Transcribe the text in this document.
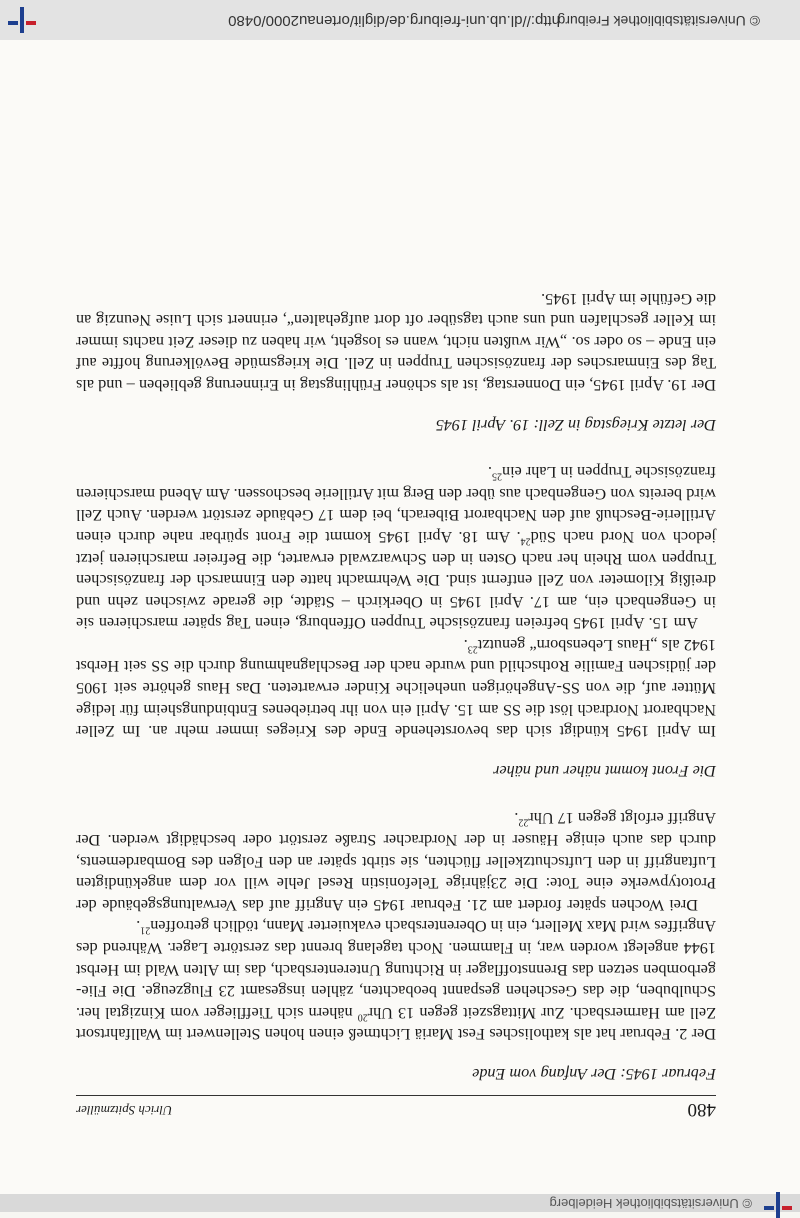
© Universitätsbibliothek Heidelberg
480
Ulrich Spitzmüller
Februar 1945: Der Anfang vom Ende

Der 2. Februar hat als katholisches Fest Mariä Lichtmeß einen hohen Stellenwert im Wallfahrtsort Zell am Harmersbach. Zur Mittagszeit gegen 13 Uhr$^{20}$ nähern sich Tiefflieger vom Kinzigtal her. Schulbuben, die das Geschehen gespannt beobachten, zählen insgesamt 23 Flugzeuge. Die Fliegerbomben setzen das Brennstofflager in Richtung Unterentersbach, das im Alten Wald im Herbst 1944 angelegt worden war, in Flammen. Noch tagelang brennt das zerstörte Lager. Während des Angriffes wird Max Mellert, ein in Oberentersbach evakuierter Mann, tödlich getroffen$^{21}$.

Drei Wochen später fordert am 21. Februar 1945 ein Angriff auf das Verwaltungsgebäude der Prototypwerke eine Tote: Die 23jährige Telefonistin Resel Jehle will vor dem angekündigten Luftangriff in den Luftschutzkeller flüchten, sie stirbt später an den Folgen des Bombardements, durch das auch einige Häuser in der Nordracher Straße zerstört oder beschädigt werden. Der Angriff erfolgt gegen 17 Uhr$^{22}$.

Die Front kommt näher und näher

Im April 1945 kündigt sich das bevorstehende Ende des Krieges immer mehr an. Im Zeller Nachbarort Nordrach löst die SS am 15. April ein von ihr betriebenes Entbindungsheim für ledige Mütter auf, die von SS-Angehörigen uneheliche Kinder erwarteten. Das Haus gehörte seit 1905 der jüdischen Familie Rothschild und wurde nach der Beschlagnahmung durch die SS seit Herbst 1942 als „Haus Lebensborn“ genutzt$^{23}$.

Am 15. April 1945 befreien französische Truppen Offenburg, einen Tag später marschieren sie in Gengenbach ein, am 17. April 1945 in Oberkirch – Städte, die gerade zwischen zehn und dreißig Kilometer von Zell entfernt sind. Die Wehrmacht hatte den Einmarsch der französischen Truppen vom Rhein her nach Osten in den Schwarzwald erwartet, die Befreier marschieren jetzt jedoch von Nord nach Süd$^{24}$. Am 18. April 1945 kommt die Front spürbar nahe durch einen Artillerie-Beschuß auf den Nachbarort Biberach, bei dem 17 Gebäude zerstört werden. Auch Zell wird bereits von Gengenbach aus über den Berg mit Artillerie beschossen. Am Abend marschieren französische Truppen in Lahr ein$^{25}$.

Der letzte Kriegstag in Zell: 19. April 1945

Der 19. April 1945, ein Donnerstag, ist als schöner Frühlingstag in Erinnerung geblieben – und als Tag des Einmarsches der französischen Truppen in Zell. Die kriegsmüde Bevölkerung hoffte auf ein Ende – so oder so. „Wir wußten nicht, wann es losgeht, wir haben zu dieser Zeit nachts immer im Keller geschlafen und uns auch tagsüber oft dort aufgehalten“, erinnert sich Luise Neunzig an die Gefühle im April 1945.

© Universitätsbibliothek Freiburg
http://dl.ub.uni-freiburg.de/diglit/ortenau2000/0480
